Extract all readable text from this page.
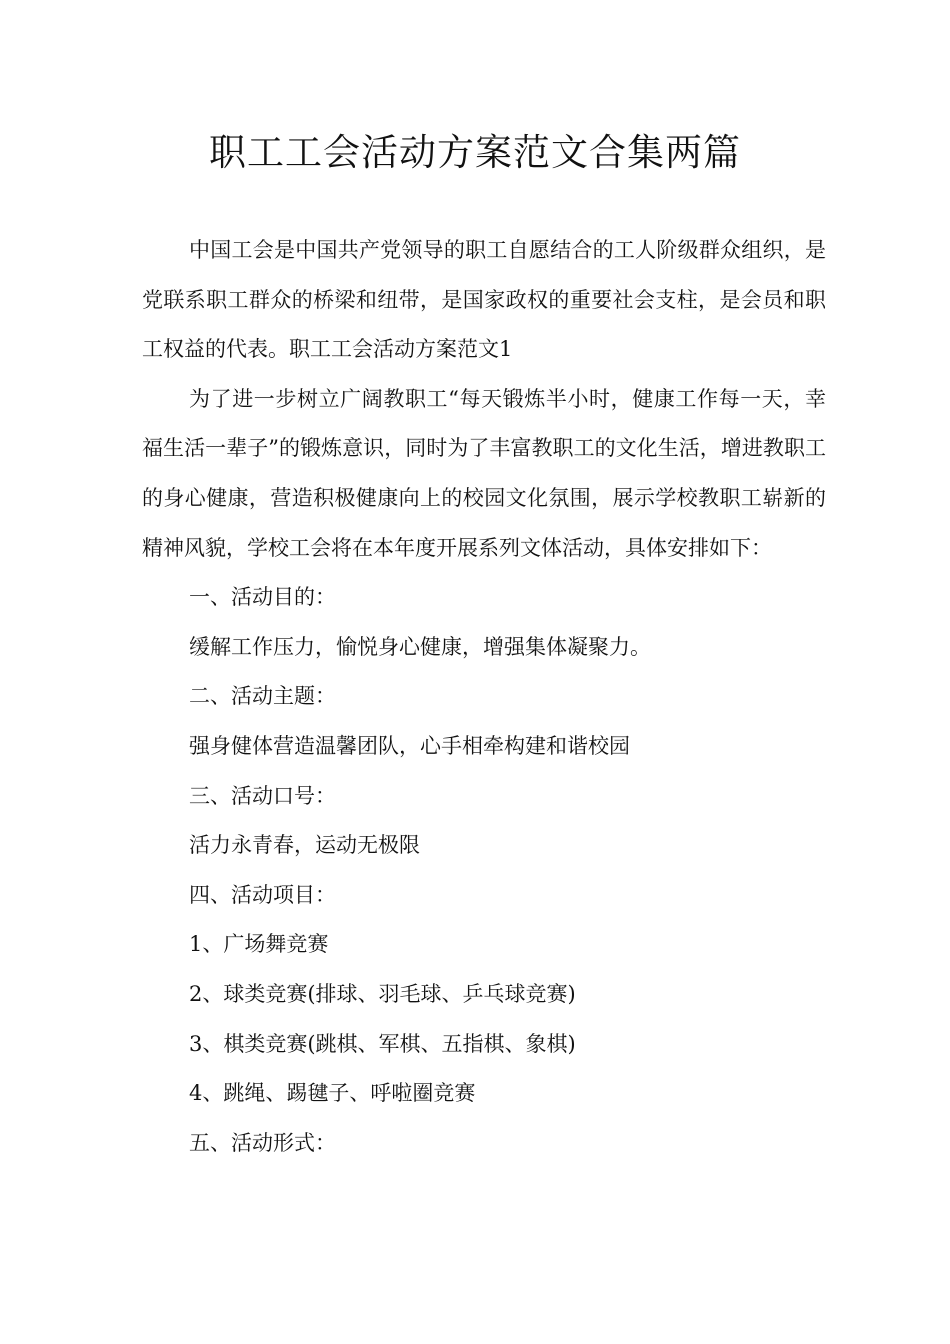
职工工会活动方案范文合集两篇

中国工会是中国共产党领导的职工自愿结合的工人阶级群众组织，是党联系职工群众的桥梁和纽带，是国家政权的重要社会支柱，是会员和职工权益的代表。职工工会活动方案范文1

为了进一步树立广阔教职工“每天锻炼半小时，健康工作每一天，幸福生活一辈子”的锻炼意识，同时为了丰富教职工的文化生活，增进教职工的身心健康，营造积极健康向上的校园文化氛围，展示学校教职工崭新的精神风貌，学校工会将在本年度开展系列文体活动，具体安排如下：

一、活动目的：

缓解工作压力，愉悦身心健康，增强集体凝聚力。

二、活动主题：

强身健体营造温馨团队，心手相牵构建和谐校园

三、活动口号：

活力永青春，运动无极限

四、活动项目：

1、广场舞竞赛

2、球类竞赛(排球、羽毛球、乒乓球竞赛)

3、棋类竞赛(跳棋、军棋、五指棋、象棋)

4、跳绳、踢毽子、呼啦圈竞赛

五、活动形式：
